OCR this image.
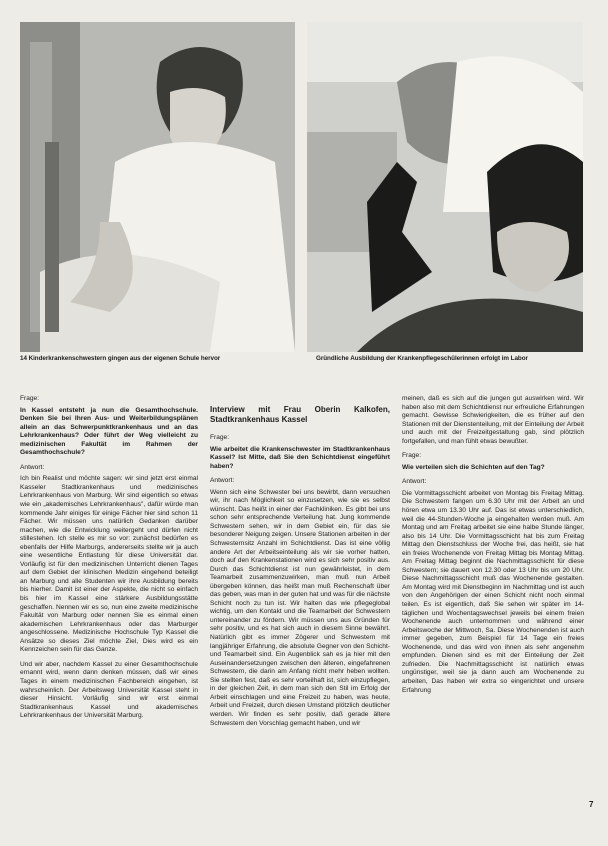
14 Kinderkrankenschwestern gingen aus der eigenen Schule hervor	Gründliche Ausbildung der Krankenpflegeschülerinnen erfolgt im Labor
Frage:

In Kassel entsteht ja nun die Gesamthochschule. Denken Sie bei Ihren Aus- und Weiterbildungsplänen allein an das Schwerpunktkrankenhaus und an das Lehrkrankenhaus? Oder führt der Weg vielleicht zu medizinischen Fakultät im Rahmen der Gesamthochschule?

Antwort:

Ich bin Realist und möchte sagen: wir sind jetzt erst einmal Kasseler Stadtkrankenhaus und medizinisches Lehrkrankenhaus von Marburg. Wir sind eigentlich so etwas wie ein „akademisches Lehrkrankenhaus", dafür würde man kommende Jahr einiges für einige Fächer hier sind schon 11 Fächer. Wir müssen uns natürlich Gedanken darüber machen, wie die Entwicklung weitergeht und dürfen nicht stillestehen. Ich stelle es mir so vor: zunächst bedürfen es ebenfalls der Hilfe Marburgs, andererseits stellte wir ja auch eine wesentliche Entlastung für diese Universität dar. Vorläufig ist für den medizinischen Unterricht dienen Tages auf dem Gebiet der klinischen Medizin eingehend beteiligt an Marburg und alle Studenten wir ihre Ausbildung bereits bis hierher. Damit ist einer der Aspekte, die nicht so einfach bis hier im Kassel eine stärkere Ausbildungsstätte geschaffen. Nennen wir es so, nun eine zweite medizinische Fakultät von Marburg oder nennen Sie es einmal einen akademischen Lehrkrankenhaus oder das Marburger angeschlossene. Medizinische Hochschule Typ Kassel die Ansätze so dieses Ziel möchte Ziel, Dies wird es ein Kennzeichen sein für das Ganze.

Und wir aber, nachdem Kassel zu einer Gesamthochschule ernannt wird, wenn dann denken müssen, daß wir eines Tages in einem medizinischen Fachbereich eingehen, ist wahrscheinlich. Der Arbeitsweg Universität Kassel steht in dieser Hinsicht. Vorläufig sind wir erst einmal Stadtkrankenhaus Kassel und akademisches Lehrkrankenhaus der Universität Marburg.

Interview mit Frau Oberin Kalkofen, Stadtkrankenhaus Kassel
Frage:

Wie arbeitet die Krankenschwester im Stadtkrankenhaus Kassel? Ist Mitte, daß Sie den Schichtdienst eingeführt haben?

Antwort:

Wenn sich eine Schwester bei uns bewirbt, dann versuchen wir, ihr nach Möglichkeit so einzusetzen, wie sie es selbst wünscht. Das heißt in einer der Fachkliniken. Es gibt bei uns schon sehr entsprechende Verteilung hat. Jung kommende Schwestern sehen, wir in dem Gebiet ein, für das sie besonderer Neigung zeigen. Unsere Stationen arbeiten in der Schwesternsitz Anzahl im Schichtdienst. Das ist eine völlig andere Art der Arbeitseinteilung als wir sie vorher hatten, doch auf den Krankenstationen wird es sich sehr positiv aus. Durch das Schichtdienst ist nun gewährleistet, in dem Teamarbeit zusammenzuwirken, man muß nun Arbeit übergeben können, das heißt man muß Rechenschaft über das geben, was man in der guten hat und was für die nächste Schicht noch zu tun ist. Wir halten das wie pflegeglobal wichtig, um den Kontakt und die Teamarbeit der Schwestern untereinander zu fördern. Wir müssen uns aus Gründen für sehr positiv, und es hat sich auch in diesem Sinne bewährt. Natürlich gibt es immer Zögerer und Schwestern mit langjähriger Erfahrung, die absolute Gegner von den Schicht- und Teamarbeit sind. Ein Augenblick sah es ja hier mit den Auseinandersetzungen zwischen den älteren, eingefahrenen Schwestern, die darin am Anfang nicht mehr heben wollten. Sie stellten fest, daß es sehr vorteilhaft ist, sich einzupflegen, in der gleichen Zeit, in dem man sich den Stil im Erfolg der Arbeit einschlagen und eine Freizeit zu haben, was heute, Arbeit und Freizeit, durch diesen Umstand plötzlich deutlicher werden. Wir finden es sehr positiv, daß gerade ältere Schwestern den Vorschlag gemacht haben, und wir

meinen, daß es sich auf die jungen gut auswirken wird. Wir haben also mit dem Schichtdienst nur erfreuliche Erfahrungen gemacht. Gewisse Schwierigkeiten, die es früher auf den Stationen mit der Dienstenteilung, mit der Einteilung der Arbeit und auch mit der Freizeitgestaltung gab, sind plötzlich fortgefallen, und man fühlt etwas bewußter.

Frage:

Wie verteilen sich die Schichten auf den Tag?

Antwort:

Die Vormittagsschicht arbeitet von Montag bis Freitag Mittag. Die Schwestern fangen um 6.30 Uhr mit der Arbeit an und hören etwa um 13.30 Uhr auf. Das ist etwas unterschiedlich, weil die 44-Stunden-Woche ja eingehalten werden muß. Am Montag und am Freitag arbeitet sie eine halbe Stunde länger, also bis 14 Uhr. Die Vormittagsschicht hat bis zum Freitag Mittag den Dienstschluss der Woche frei, das heißt, sie hat ein freies Wochenende von Freitag Mittag bis Montag Mittag. Am Freitag Mittag beginnt die Nachmittagsschicht für diese Schwestern; sie dauert von 12.30 oder 13 Uhr bis um 20 Uhr. Diese Nachmittagsschicht muß das Wochenende gestalten. Am Montag wird mit Dienstbeginn im Nachmittag und ist auch von den Angehörigen der einen Schicht nicht noch einmal teilen. Es ist eigentlich, daß Sie sehen wir später im 14-täglichen und Wochentagswechsel jeweils bei einem freien Wochenende auch unternommen und während einer Arbeitswoche der Mittwoch, Sa. Diese Wochenenden ist auch immer gegeben, zum Beispiel für 14 Tage ein freies Wochenende, und das wird von ihnen als sehr angenehm empfunden. Dienen sind es mit der Einteilung der Zeit zufrieden. Die Nachmittagsschicht ist natürlich etwas ungünstiger, weil sie ja dann auch am Wochenende zu arbeiten, Das haben wir extra so eingerichtet und unsere Erfahrung

7
